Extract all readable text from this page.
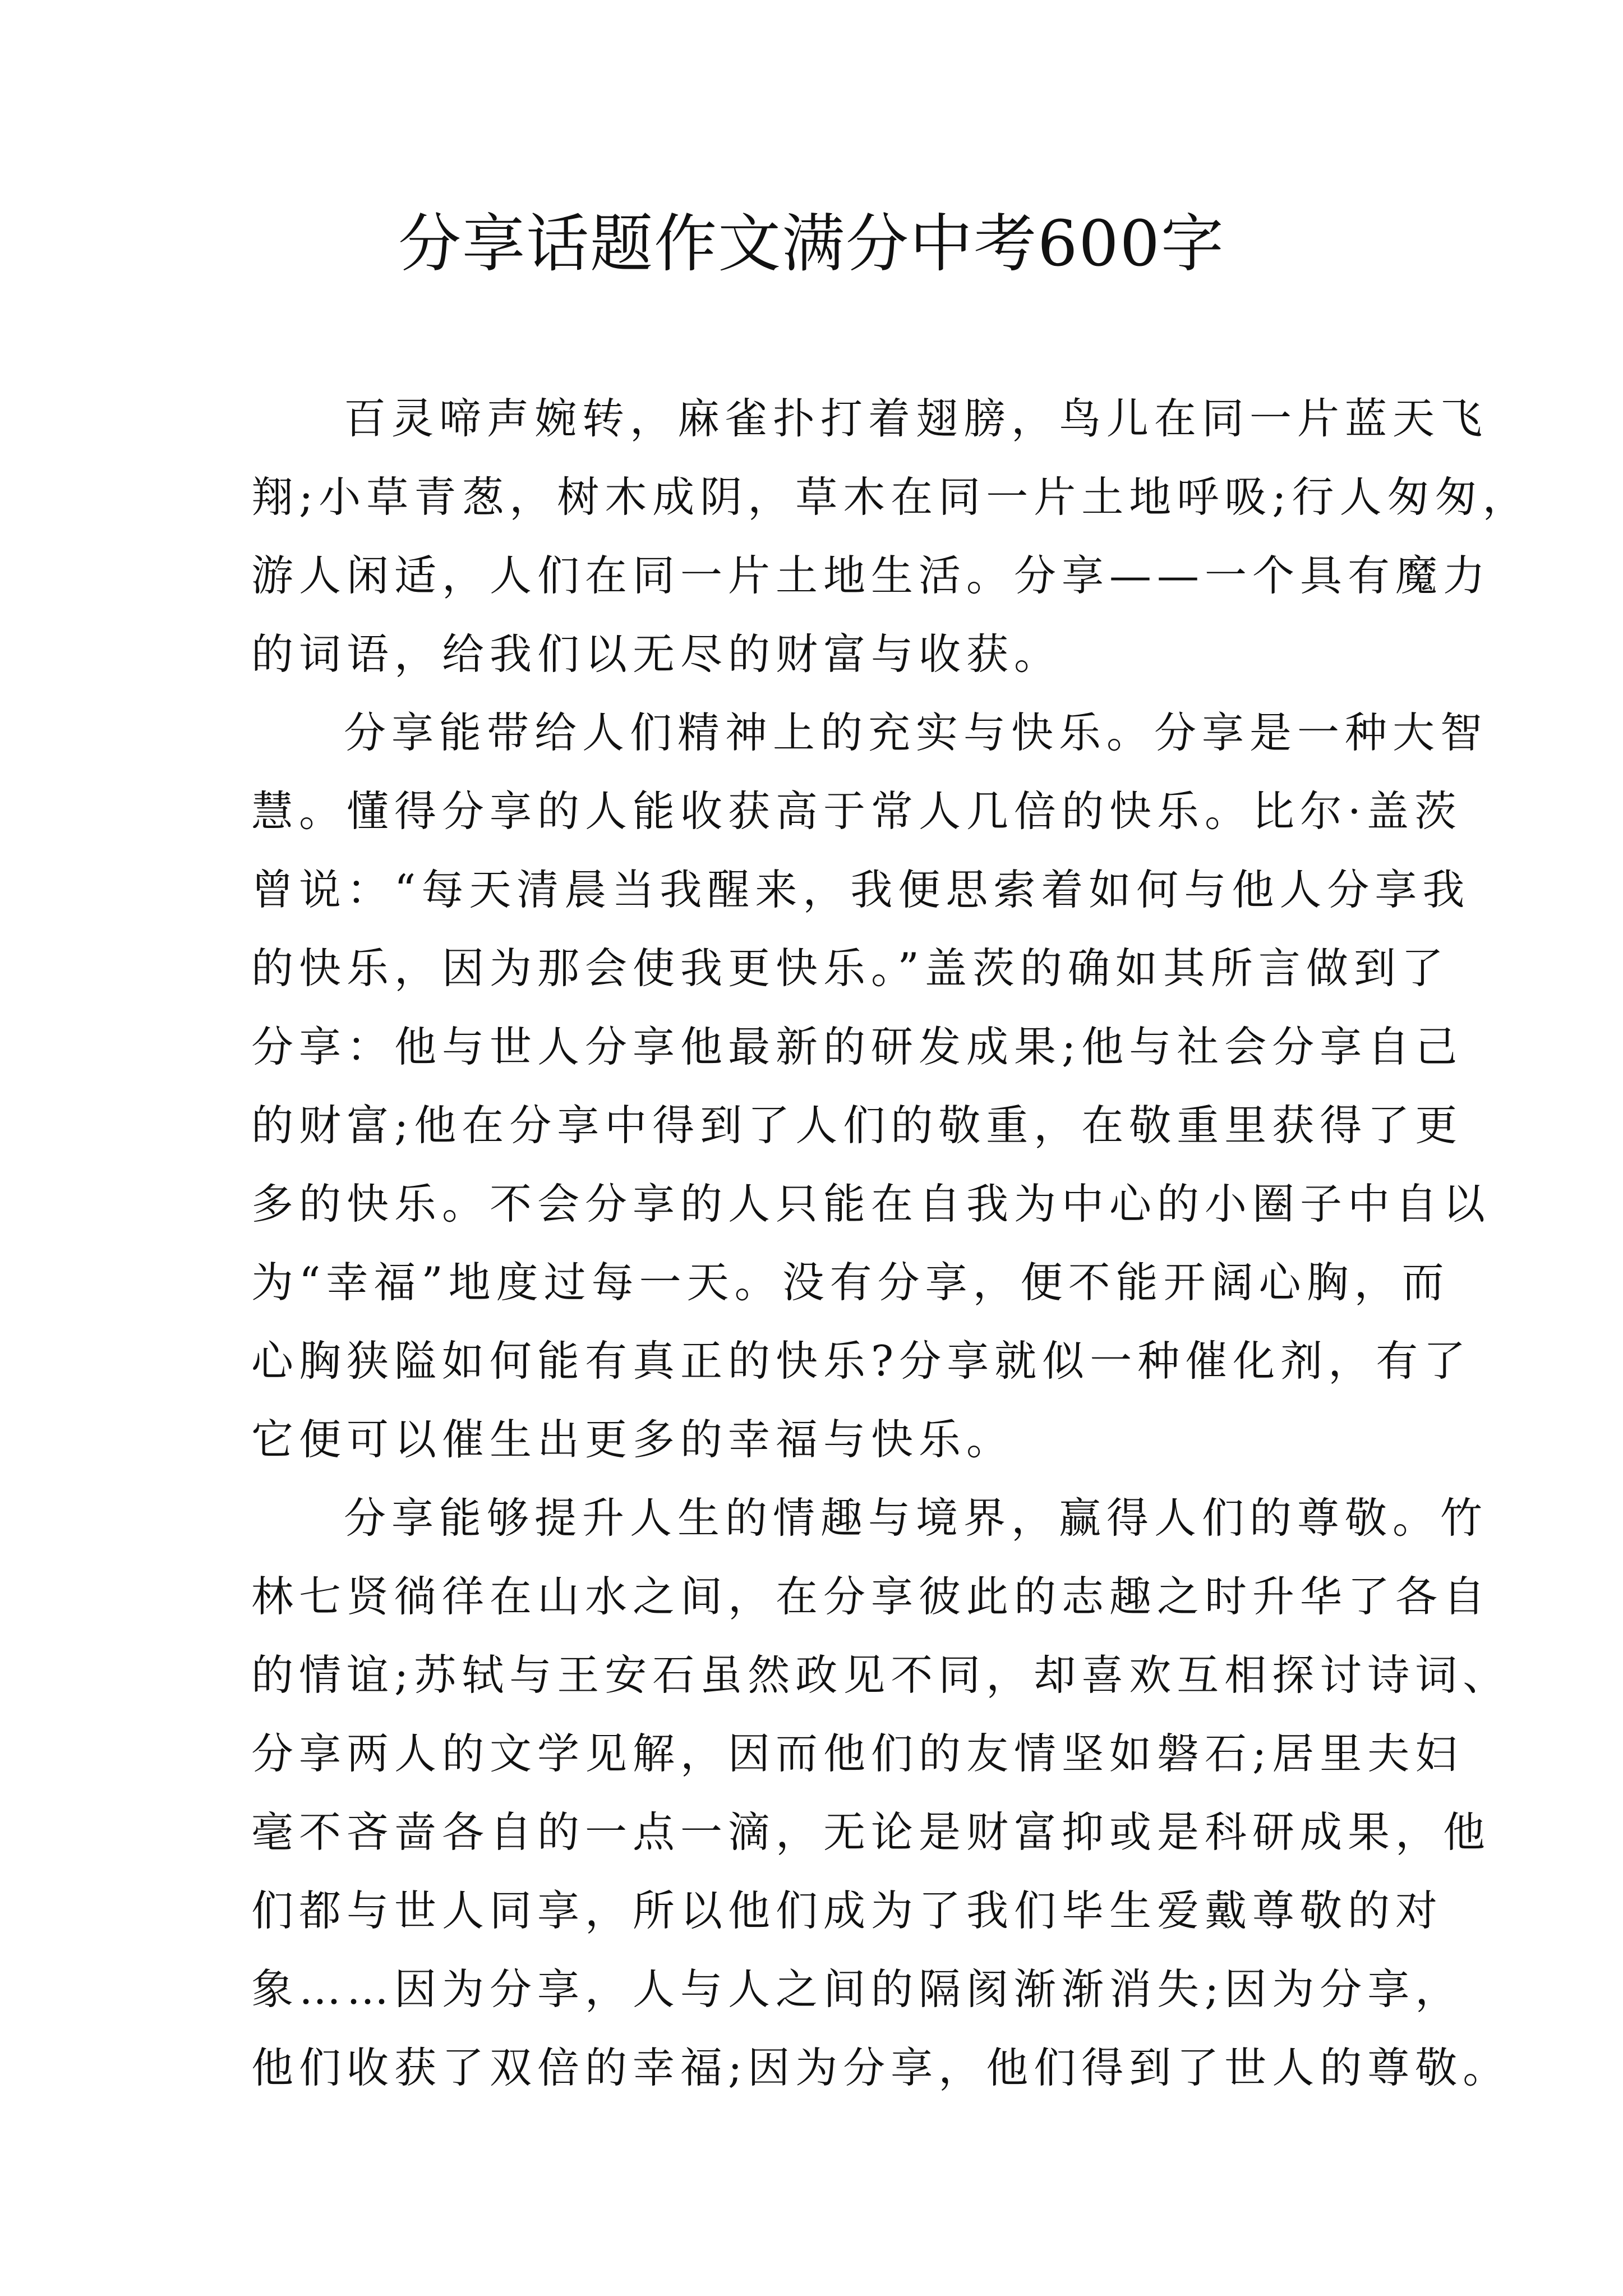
分享话题作文满分中考600字
百灵啼声婉转，麻雀扑打着翅膀，鸟儿在同一片蓝天飞
翔;小草青葱，树木成阴，草木在同一片土地呼吸;行人匆匆，
游人闲适，人们在同一片土地生活。分享——一个具有魔力
的词语，给我们以无尽的财富与收获。
分享能带给人们精神上的充实与快乐。分享是一种大智
慧。懂得分享的人能收获高于常人几倍的快乐。比尔·盖茨
曾说：“每天清晨当我醒来，我便思索着如何与他人分享我
的快乐，因为那会使我更快乐。”盖茨的确如其所言做到了
分享：他与世人分享他最新的研发成果;他与社会分享自己
的财富;他在分享中得到了人们的敬重，在敬重里获得了更
多的快乐。不会分享的人只能在自我为中心的小圈子中自以
为“幸福”地度过每一天。没有分享，便不能开阔心胸，而
心胸狭隘如何能有真正的快乐?分享就似一种催化剂，有了
它便可以催生出更多的幸福与快乐。
分享能够提升人生的情趣与境界，赢得人们的尊敬。竹
林七贤徜徉在山水之间，在分享彼此的志趣之时升华了各自
的情谊;苏轼与王安石虽然政见不同，却喜欢互相探讨诗词、
分享两人的文学见解，因而他们的友情坚如磐石;居里夫妇
毫不吝啬各自的一点一滴，无论是财富抑或是科研成果，他
们都与世人同享，所以他们成为了我们毕生爱戴尊敬的对
象……因为分享，人与人之间的隔阂渐渐消失;因为分享，
他们收获了双倍的幸福;因为分享，他们得到了世人的尊敬。
